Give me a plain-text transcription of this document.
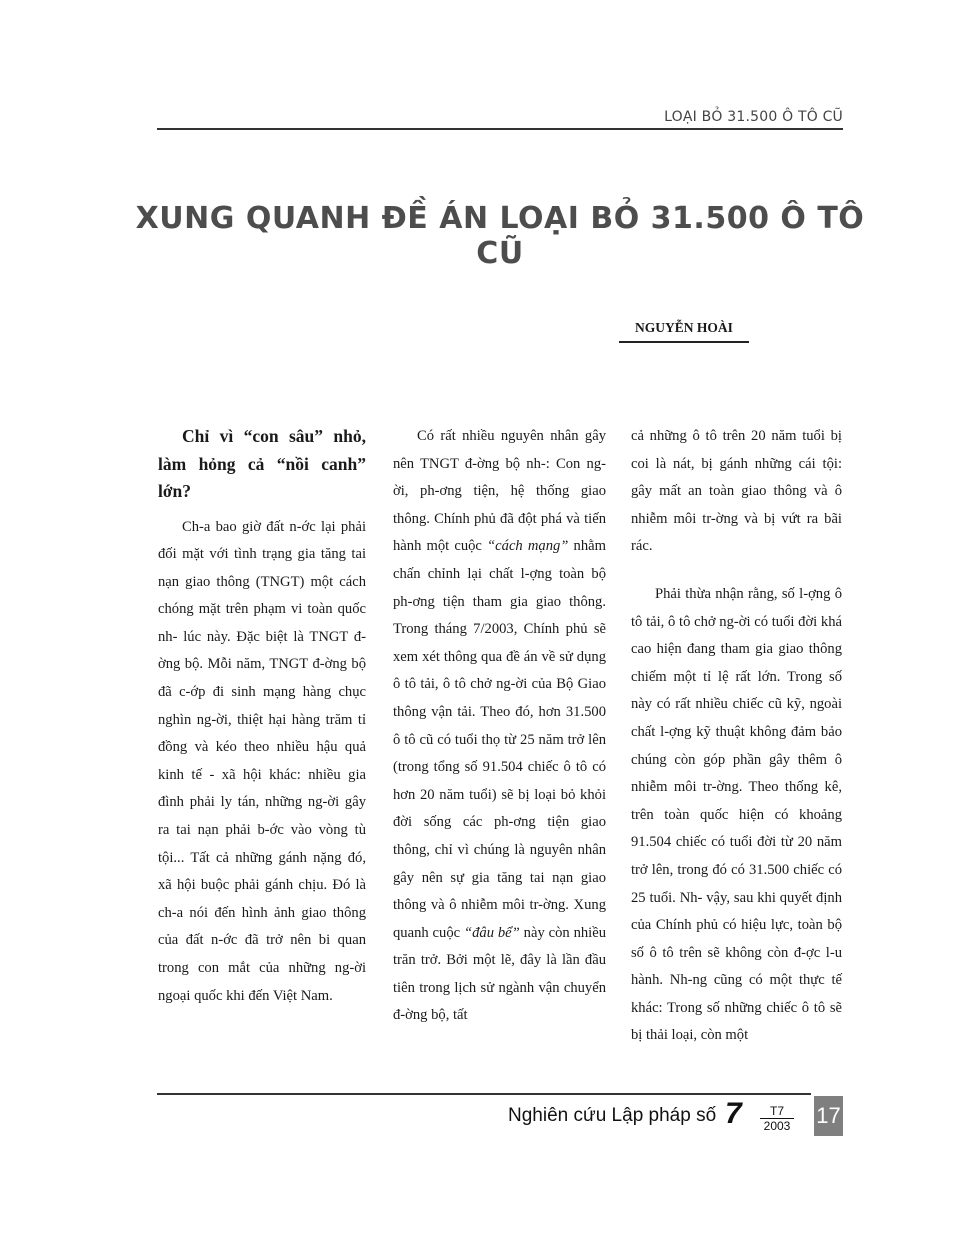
LOẠI BỎ 31.500 Ô TÔ CŨ
XUNG QUANH ĐỀ ÁN LOẠI BỎ 31.500 Ô TÔ CŨ
NGUYỄN HOÀI
Chỉ vì “con sâu” nhỏ, làm hỏng cả “nồi canh” lớn?

Ch-a bao giờ đất n-ớc lại phải đối mặt với tình trạng gia tăng tai nạn giao thông (TNGT) một cách chóng mặt trên phạm vi toàn quốc nh- lúc này. Đặc biệt là TNGT đ-ờng bộ. Mỗi năm, TNGT đ-ờng bộ đã c-ớp đi sinh mạng hàng chục nghìn ng-ời, thiệt hại hàng trăm tỉ đồng và kéo theo nhiều hậu quả kinh tế - xã hội khác: nhiều gia đình phải ly tán, những ng-ời gây ra tai nạn phải b-ớc vào vòng tù tội... Tất cả những gánh nặng đó, xã hội buộc phải gánh chịu. Đó là ch-a nói đến hình ảnh giao thông của đất n-ớc đã trở nên bi quan trong con mắt của những ng-ời ngoại quốc khi đến Việt Nam.

Có rất nhiều nguyên nhân gây nên TNGT đ-ờng bộ nh-: Con ng-ời, ph-ơng tiện, hệ thống giao thông. Chính phủ đã đột phá và tiến hành một cuộc “cách mạng” nhằm chấn chỉnh lại chất l-ợng toàn bộ ph-ơng tiện tham gia giao thông. Trong tháng 7/2003, Chính phủ sẽ xem xét thông qua đề án về sử dụng ô tô tải, ô tô chở ng-ời của Bộ Giao thông vận tải. Theo đó, hơn 31.500 ô tô cũ có tuổi thọ từ 25 năm trở lên (trong tổng số 91.504 chiếc ô tô có hơn 20 năm tuổi) sẽ bị loại bỏ khỏi đời sống các ph-ơng tiện giao thông, chỉ vì chúng là nguyên nhân gây nên sự gia tăng tai nạn giao thông và ô nhiễm môi tr-ờng. Xung quanh cuộc “đâu bể” này còn nhiều trăn trở. Bởi một lẽ, đây là lần đầu tiên trong lịch sử ngành vận chuyển đ-ờng bộ, tất

cả những ô tô trên 20 năm tuổi bị coi là nát, bị gánh những cái tội: gây mất an toàn giao thông và ô nhiễm môi tr-ờng và bị vứt ra bãi rác.

Phải thừa nhận rằng, số l-ợng ô tô tải, ô tô chở ng-ời có tuổi đời khá cao hiện đang tham gia giao thông chiếm một tỉ lệ rất lớn. Trong số này có rất nhiều chiếc cũ kỹ, ngoài chất l-ợng kỹ thuật không đảm bảo chúng còn góp phần gây thêm ô nhiễm môi tr-ờng. Theo thống kê, trên toàn quốc hiện có khoảng 91.504 chiếc có tuổi đời từ 20 năm trở lên, trong đó có 31.500 chiếc có 25 tuổi. Nh- vậy, sau khi quyết định của Chính phủ có hiệu lực, toàn bộ số ô tô trên sẽ không còn đ-ợc l-u hành. Nh-ng cũng có một thực tế khác: Trong số những chiếc ô tô sẽ bị thải loại, còn một

Nghiên cứu Lập pháp số $7 \frac{T7}{2003} 17$
